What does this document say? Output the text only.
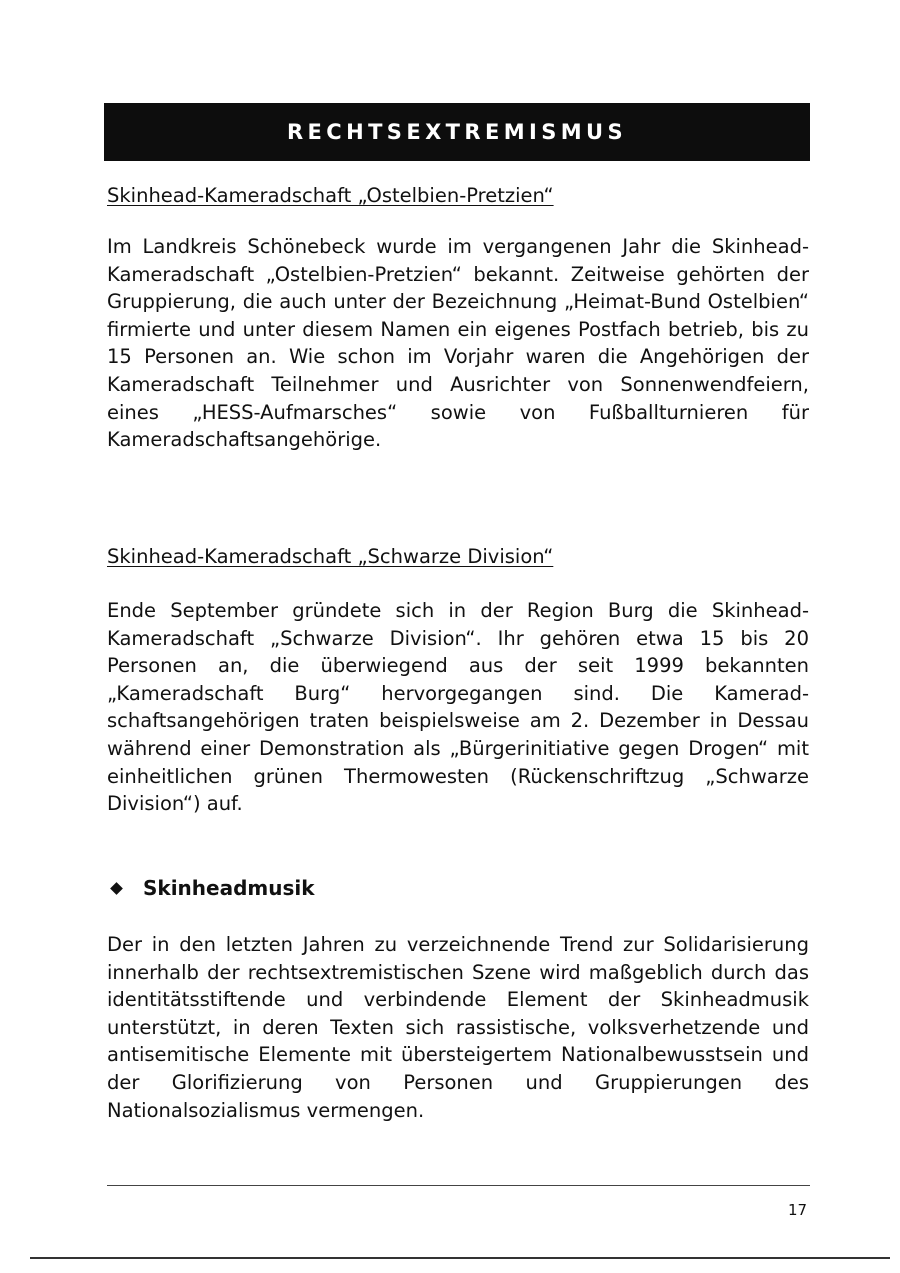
RECHTSEXTREMISMUS
Skinhead-Kameradschaft „Ostelbien-Pretzien“

Im Landkreis Schönebeck wurde im vergangenen Jahr die Skinhead-Kameradschaft „Ostelbien-Pretzien“ bekannt. Zeitweise gehörten der Gruppierung, die auch unter der Bezeichnung „Heimat-Bund Ostelbien“ firmierte und unter diesem Namen ein eigenes Postfach betrieb, bis zu 15 Personen an. Wie schon im Vorjahr waren die Angehörigen der Kameradschaft Teilnehmer und Ausrichter von Sonnenwendfeiern, eines „HESS-Aufmarsches“ sowie von Fußballturnieren für Kameradschaftsangehörige.

Skinhead-Kameradschaft „Schwarze Division“

Ende September gründete sich in der Region Burg die Skinhead-Kameradschaft „Schwarze Division“. Ihr gehören etwa 15 bis 20 Personen an, die überwiegend aus der seit 1999 bekannten „Kameradschaft Burg“ hervorgegangen sind. Die Kameradschaftsangehörigen traten beispielsweise am 2. Dezember in Dessau während einer Demonstration als „Bürgerinitiative gegen Drogen“ mit einheitlichen grünen Thermowesten (Rückenschriftzug „Schwarze Division“) auf.

Skinheadmusik

Der in den letzten Jahren zu verzeichnende Trend zur Solidarisierung innerhalb der rechtsextremistischen Szene wird maßgeblich durch das identitätsstiftende und verbindende Element der Skinheadmusik unterstützt, in deren Texten sich rassistische, volksverhetzende und antisemitische Elemente mit übersteigertem Nationalbewusstsein und der Glorifizierung von Personen und Gruppierungen des Nationalsozialismus vermengen.

17
